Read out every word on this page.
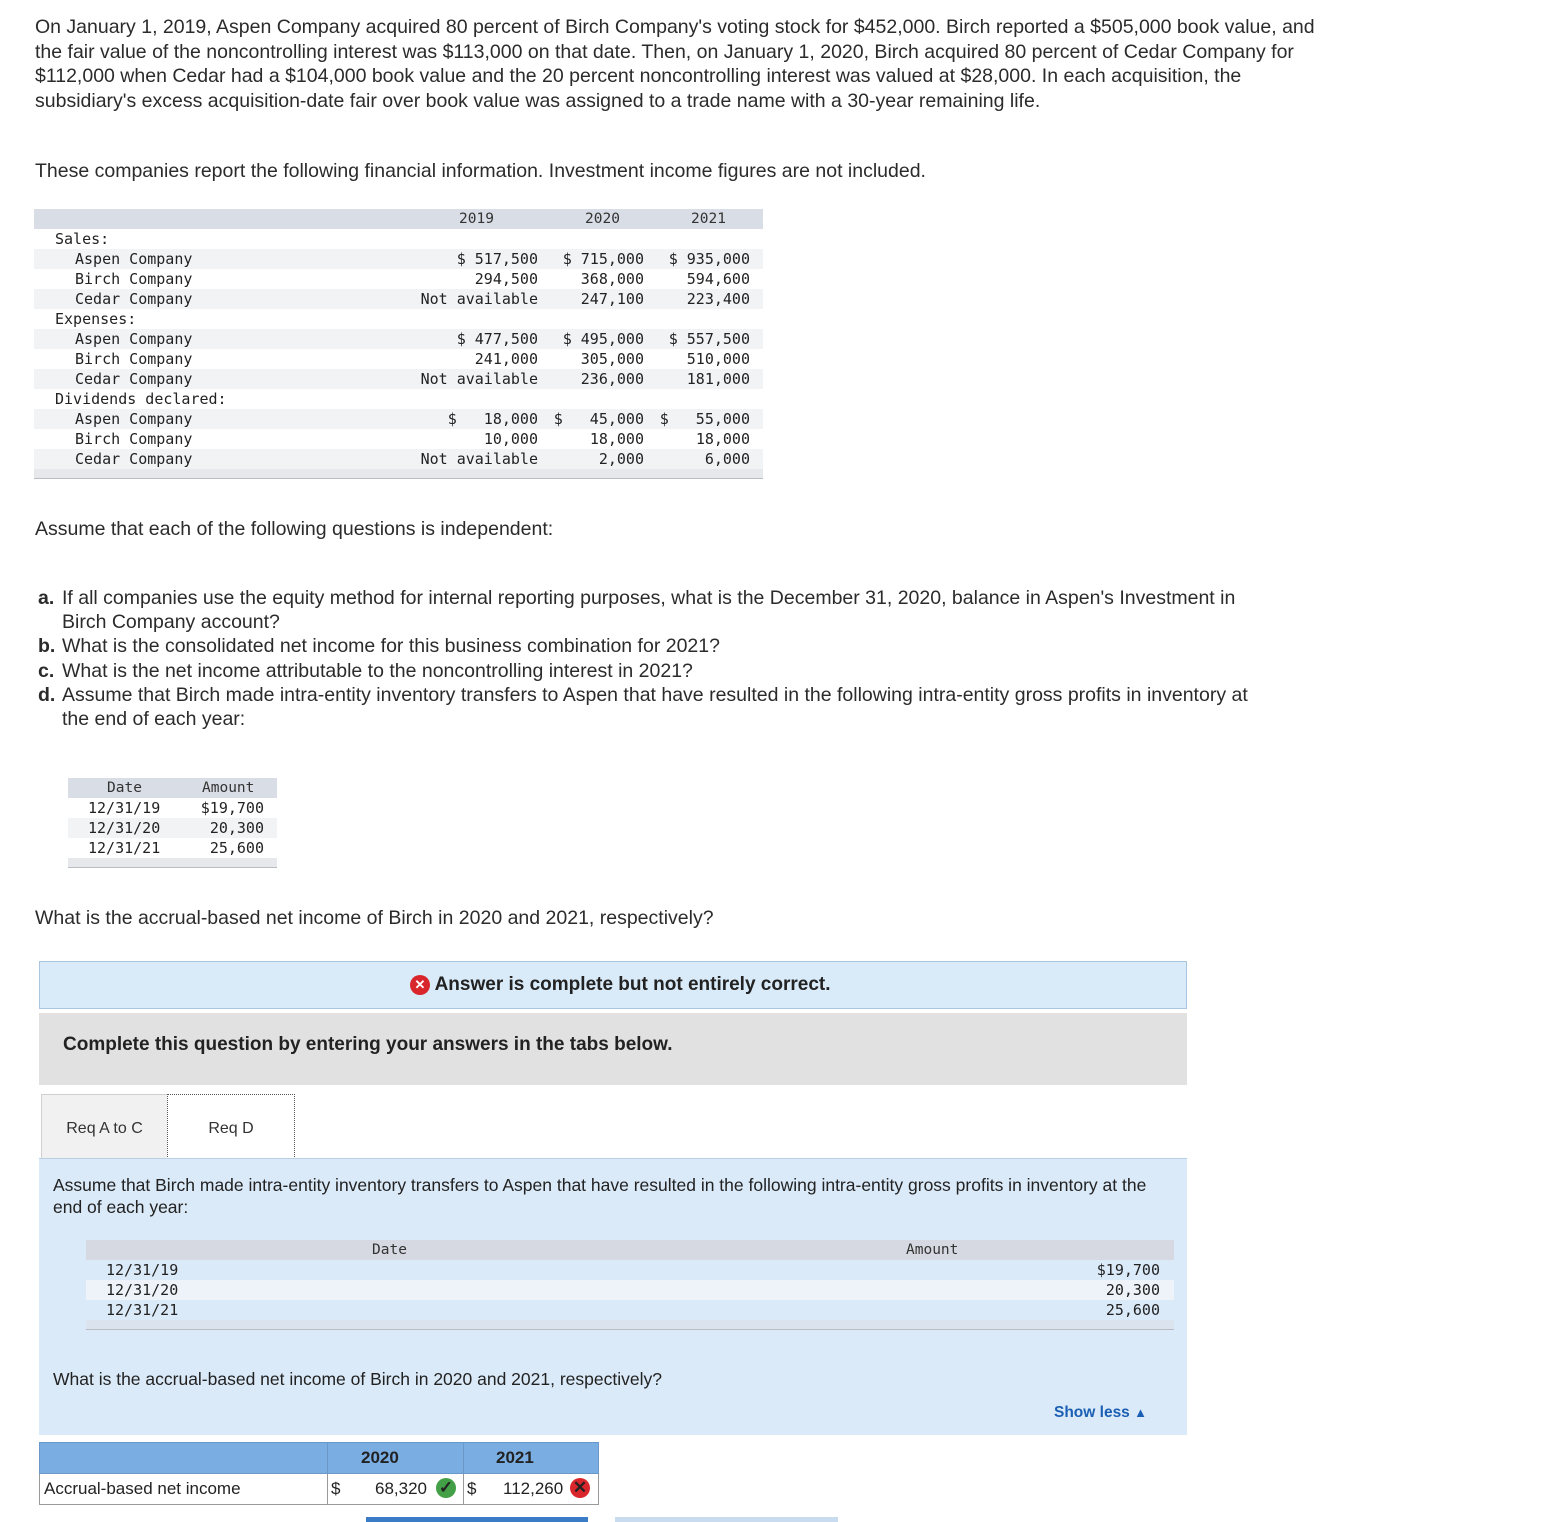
On January 1, 2019, Aspen Company acquired 80 percent of Birch Company's voting stock for $452,000. Birch reported a $505,000 book value, and the fair value of the noncontrolling interest was $113,000 on that date. Then, on January 1, 2020, Birch acquired 80 percent of Cedar Company for $112,000 when Cedar had a $104,000 book value and the 20 percent noncontrolling interest was valued at $28,000. In each acquisition, the subsidiary's excess acquisition-date fair over book value was assigned to a trade name with a 30-year remaining life.
These companies report the following financial information. Investment income figures are not included.
2019	2020	2021
Sales:
Aspen Company	$ 517,500 $ 715,000 $ 935,000
Birch Company	294,500	368,000	594,600
Cedar Company	Not available	247,100	223,400
Expenses:
Aspen Company	$ 477,500 $ 495,000 $ 557,500
Birch Company	241,000	305,000	510,000
Cedar Company	Not available	236,000	181,000
Dividends declared:
Aspen Company	$   18,000 $   45,000 $   55,000
Birch Company	10,000	18,000	18,000
Cedar Company	Not available	2,000	6,000
Assume that each of the following questions is independent:
a. If all companies use the equity method for internal reporting purposes, what is the December 31, 2020, balance in Aspen's Investment in Birch Company account?
b. What is the consolidated net income for this business combination for 2021?
c. What is the net income attributable to the noncontrolling interest in 2021?
d. Assume that Birch made intra-entity inventory transfers to Aspen that have resulted in the following intra-entity gross profits in inventory at the end of each year:
Date	Amount
12/31/19	$19,700
12/31/20	20,300
12/31/21	25,600
What is the accrual-based net income of Birch in 2020 and 2021, respectively?
✕ Answer is complete but not entirely correct.
Complete this question by entering your answers in the tabs below.
Req A to C	Req D
Assume that Birch made intra-entity inventory transfers to Aspen that have resulted in the following intra-entity gross profits in inventory at the end of each year:
Date	Amount
12/31/19	$19,700
12/31/20	20,300
12/31/21	25,600
What is the accrual-based net income of Birch in 2020 and 2021, respectively?
Show less ▲
2020	2021
Accrual-based net income	$ 68,320 ✓ $ 112,260 ✕
